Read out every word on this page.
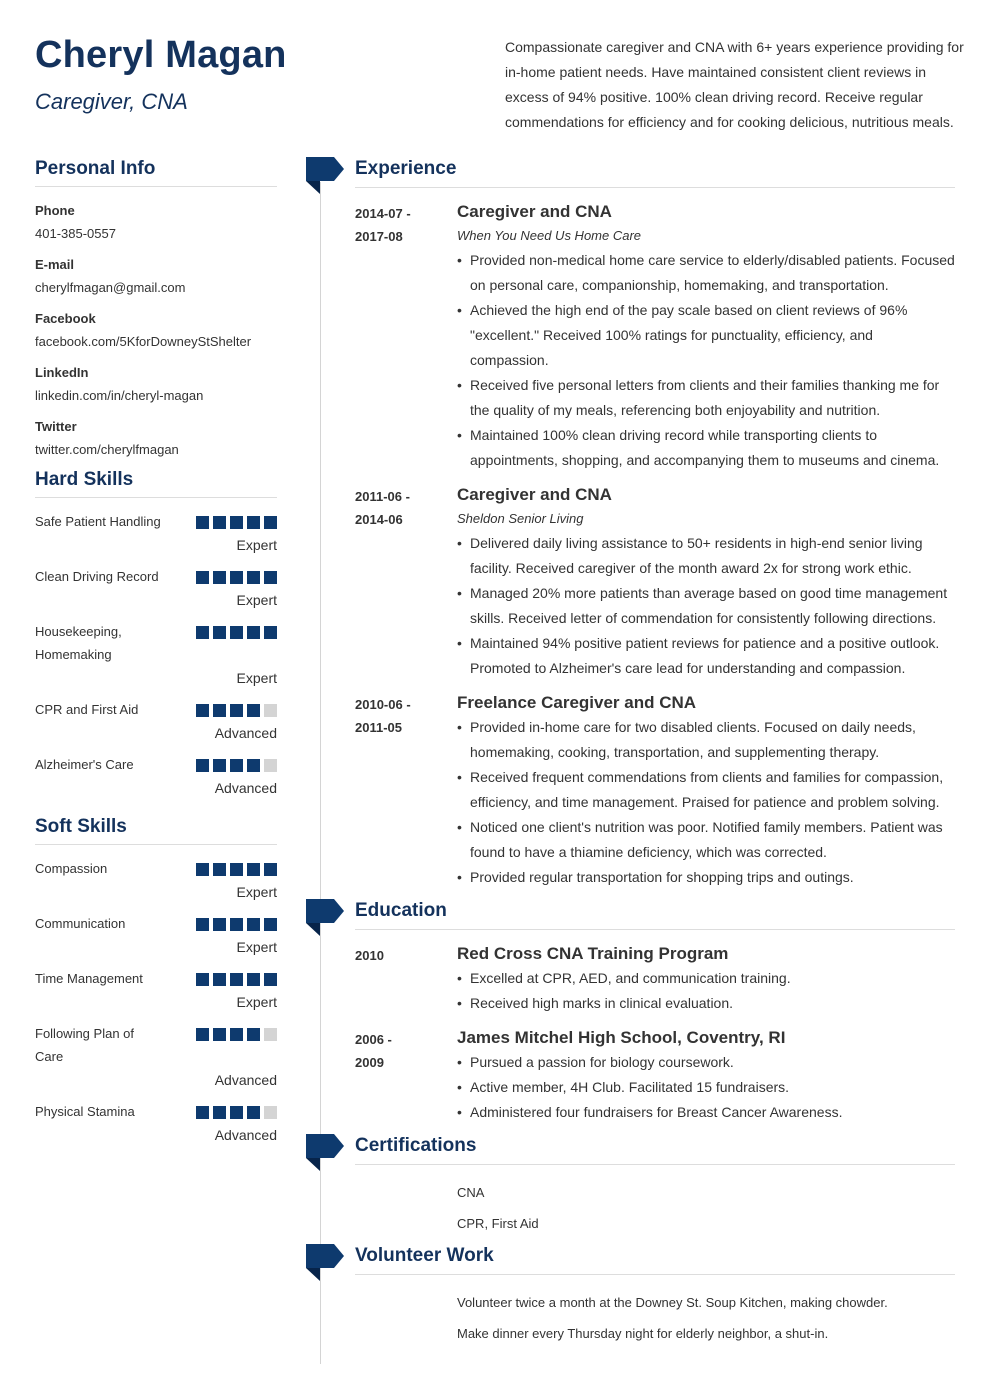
Cheryl Magan
Caregiver, CNA
Compassionate caregiver and CNA with 6+ years experience providing for in-home patient needs. Have maintained consistent client reviews in excess of 94% positive. 100% clean driving record. Receive regular commendations for efficiency and for cooking delicious, nutritious meals.
Personal Info
Phone
401-385-0557
E-mail
cherylfmagan@gmail.com
Facebook
facebook.com/5KforDowneyStShelter
LinkedIn
linkedin.com/in/cheryl-magan
Twitter
twitter.com/cherylfmagan
Hard Skills
Safe Patient Handling
Expert
Clean Driving Record
Expert
Housekeeping, Homemaking
Expert
CPR and First Aid
Advanced
Alzheimer's Care
Advanced
Soft Skills
Compassion
Expert
Communication
Expert
Time Management
Expert
Following Plan of Care
Advanced
Physical Stamina
Advanced
Experience
2014-07 -
2017-08
Caregiver and CNA
When You Need Us Home Care
• Provided non-medical home care service to elderly/disabled patients. Focused on personal care, companionship, homemaking, and transportation.
• Achieved the high end of the pay scale based on client reviews of 96% "excellent." Received 100% ratings for punctuality, efficiency, and compassion.
• Received five personal letters from clients and their families thanking me for the quality of my meals, referencing both enjoyability and nutrition.
• Maintained 100% clean driving record while transporting clients to appointments, shopping, and accompanying them to museums and cinema.
2011-06 -
2014-06
Caregiver and CNA
Sheldon Senior Living
• Delivered daily living assistance to 50+ residents in high-end senior living facility. Received caregiver of the month award 2x for strong work ethic.
• Managed 20% more patients than average based on good time management skills. Received letter of commendation for consistently following directions.
• Maintained 94% positive patient reviews for patience and a positive outlook. Promoted to Alzheimer's care lead for understanding and compassion.
2010-06 -
2011-05
Freelance Caregiver and CNA
• Provided in-home care for two disabled clients. Focused on daily needs, homemaking, cooking, transportation, and supplementing therapy.
• Received frequent commendations from clients and families for compassion, efficiency, and time management. Praised for patience and problem solving.
• Noticed one client's nutrition was poor. Notified family members. Patient was found to have a thiamine deficiency, which was corrected.
• Provided regular transportation for shopping trips and outings.
Education
2010	Red Cross CNA Training Program
• Excelled at CPR, AED, and communication training.
• Received high marks in clinical evaluation.
2006 -
2009
James Mitchel High School, Coventry, RI
• Pursued a passion for biology coursework.
• Active member, 4H Club. Facilitated 15 fundraisers.
• Administered four fundraisers for Breast Cancer Awareness.
Certifications
CNA
CPR, First Aid
Volunteer Work
Volunteer twice a month at the Downey St. Soup Kitchen, making chowder.
Make dinner every Thursday night for elderly neighbor, a shut-in.
